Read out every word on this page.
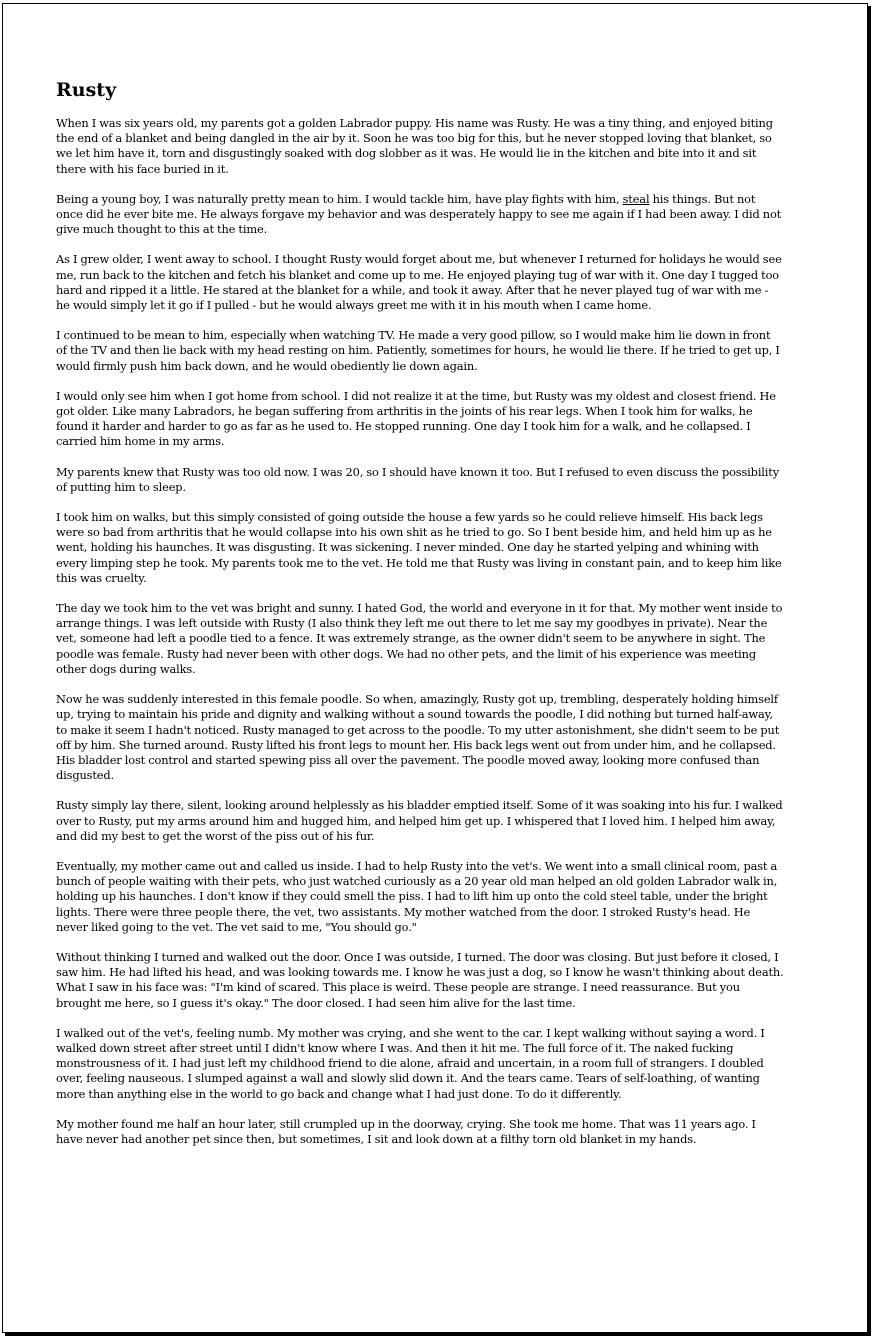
Rusty

When I was six years old, my parents got a golden Labrador puppy. His name was Rusty. He was a tiny thing, and enjoyed biting the end of a blanket and being dangled in the air by it. Soon he was too big for this, but he never stopped loving that blanket, so we let him have it, torn and disgustingly soaked with dog slobber as it was. He would lie in the kitchen and bite into it and sit there with his face buried in it.

Being a young boy, I was naturally pretty mean to him. I would tackle him, have play fights with him, steal his things. But not once did he ever bite me. He always forgave my behavior and was desperately happy to see me again if I had been away. I did not give much thought to this at the time.

As I grew older, I went away to school. I thought Rusty would forget about me, but whenever I returned for holidays he would see me, run back to the kitchen and fetch his blanket and come up to me. He enjoyed playing tug of war with it. One day I tugged too hard and ripped it a little. He stared at the blanket for a while, and took it away. After that he never played tug of war with me - he would simply let it go if I pulled - but he would always greet me with it in his mouth when I came home.

I continued to be mean to him, especially when watching TV. He made a very good pillow, so I would make him lie down in front of the TV and then lie back with my head resting on him. Patiently, sometimes for hours, he would lie there. If he tried to get up, I would firmly push him back down, and he would obediently lie down again.

I would only see him when I got home from school. I did not realize it at the time, but Rusty was my oldest and closest friend. He got older. Like many Labradors, he began suffering from arthritis in the joints of his rear legs. When I took him for walks, he found it harder and harder to go as far as he used to. He stopped running. One day I took him for a walk, and he collapsed. I carried him home in my arms.

My parents knew that Rusty was too old now. I was 20, so I should have known it too. But I refused to even discuss the possibility of putting him to sleep.

I took him on walks, but this simply consisted of going outside the house a few yards so he could relieve himself. His back legs were so bad from arthritis that he would collapse into his own shit as he tried to go. So I bent beside him, and held him up as he went, holding his haunches. It was disgusting. It was sickening. I never minded. One day he started yelping and whining with every limping step he took. My parents took me to the vet. He told me that Rusty was living in constant pain, and to keep him like this was cruelty.

The day we took him to the vet was bright and sunny. I hated God, the world and everyone in it for that. My mother went inside to arrange things. I was left outside with Rusty (I also think they left me out there to let me say my goodbyes in private). Near the vet, someone had left a poodle tied to a fence. It was extremely strange, as the owner didn't seem to be anywhere in sight. The poodle was female. Rusty had never been with other dogs. We had no other pets, and the limit of his experience was meeting other dogs during walks.

Now he was suddenly interested in this female poodle. So when, amazingly, Rusty got up, trembling, desperately holding himself up, trying to maintain his pride and dignity and walking without a sound towards the poodle, I did nothing but turned half-away, to make it seem I hadn't noticed. Rusty managed to get across to the poodle. To my utter astonishment, she didn't seem to be put off by him. She turned around. Rusty lifted his front legs to mount her. His back legs went out from under him, and he collapsed. His bladder lost control and started spewing piss all over the pavement. The poodle moved away, looking more confused than disgusted.

Rusty simply lay there, silent, looking around helplessly as his bladder emptied itself. Some of it was soaking into his fur. I walked over to Rusty, put my arms around him and hugged him, and helped him get up. I whispered that I loved him. I helped him away, and did my best to get the worst of the piss out of his fur.

Eventually, my mother came out and called us inside. I had to help Rusty into the vet's. We went into a small clinical room, past a bunch of people waiting with their pets, who just watched curiously as a 20 year old man helped an old golden Labrador walk in, holding up his haunches. I don't know if they could smell the piss. I had to lift him up onto the cold steel table, under the bright lights. There were three people there, the vet, two assistants. My mother watched from the door. I stroked Rusty's head. He never liked going to the vet. The vet said to me, "You should go."

Without thinking I turned and walked out the door. Once I was outside, I turned. The door was closing. But just before it closed, I saw him. He had lifted his head, and was looking towards me. I know he was just a dog, so I know he wasn't thinking about death. What I saw in his face was: "I'm kind of scared. This place is weird. These people are strange. I need reassurance. But you brought me here, so I guess it's okay." The door closed. I had seen him alive for the last time.

I walked out of the vet's, feeling numb. My mother was crying, and she went to the car. I kept walking without saying a word. I walked down street after street until I didn't know where I was. And then it hit me. The full force of it. The naked fucking monstrousness of it. I had just left my childhood friend to die alone, afraid and uncertain, in a room full of strangers. I doubled over, feeling nauseous. I slumped against a wall and slowly slid down it. And the tears came. Tears of self-loathing, of wanting more than anything else in the world to go back and change what I had just done. To do it differently.

My mother found me half an hour later, still crumpled up in the doorway, crying. She took me home. That was 11 years ago. I have never had another pet since then, but sometimes, I sit and look down at a filthy torn old blanket in my hands.
